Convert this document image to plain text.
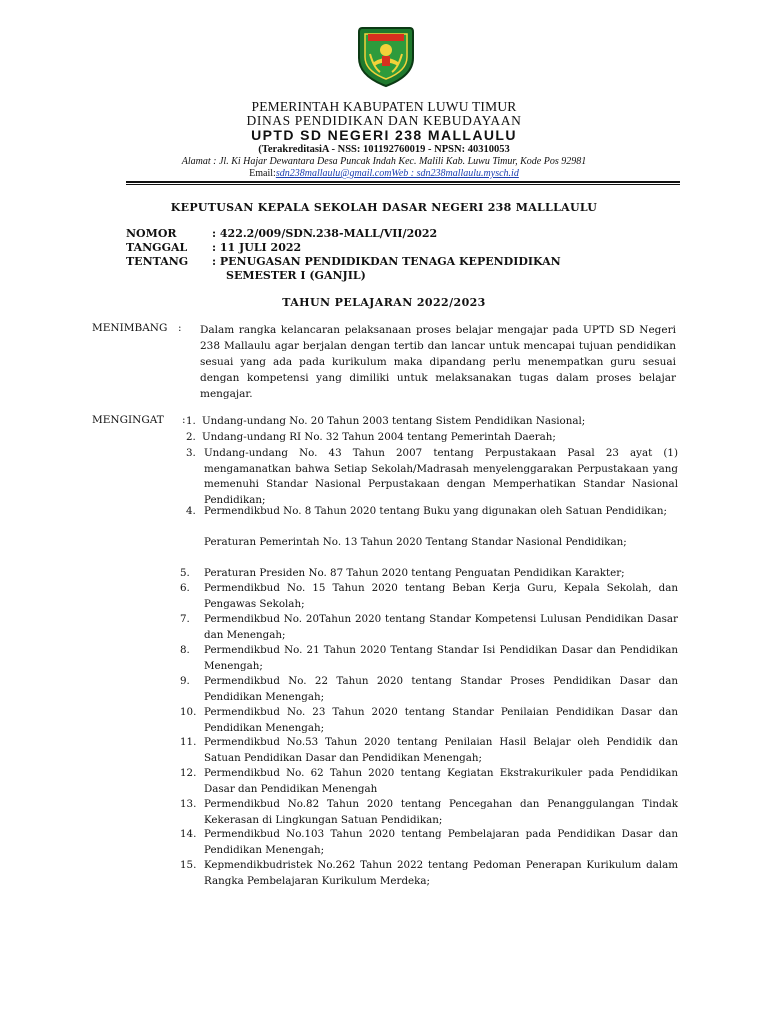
PEMERINTAH KABUPATEN LUWU TIMUR
DINAS PENDIDIKAN DAN KEBUDAYAAN
UPTD SD NEGERI 238 MALLAULU
(TerakreditasiA - NSS: 101192760019 - NPSN: 40310053
Alamat : Jl. Ki Hajar Dewantara Desa Puncak Indah Kec. Malili Kab. Luwu Timur, Kode Pos 92981
Email:sdn238mallaulu@gmail.comWeb : sdn238mallaulu.mysch.id
KEPUTUSAN KEPALA SEKOLAH DASAR NEGERI 238 MALLLAULU
NOMOR	: 422.2/009/SDN.238-MALL/VII/2022
TANGGAL : 11 JULI 2022
TENTANG : PENUGASAN PENDIDIKDAN TENAGA KEPENDIDIKAN
SEMESTER I (GANJIL)
TAHUN PELAJARAN 2022/2023
MENIMBANG : Dalam rangka kelancaran pelaksanaan proses belajar mengajar pada UPTD SD Negeri 238 Mallaulu agar berjalan dengan tertib dan lancar untuk mencapai tujuan pendidikan sesuai yang ada pada kurikulum maka dipandang perlu menempatkan guru sesuai dengan kompetensi yang dimiliki untuk melaksanakan tugas dalam proses belajar mengajar.
MENGINGAT : 1. Undang-undang No. 20 Tahun 2003 tentang Sistem Pendidikan Nasional;
2. Undang-undang RI No. 32 Tahun 2004 tentang Pemerintah Daerah;
3. Undang-undang No. 43 Tahun 2007 tentang Perpustakaan Pasal 23 ayat (1) mengamanatkan bahwa Setiap Sekolah/Madrasah menyelenggarakan Perpustakaan yang memenuhi Standar Nasional Perpustakaan dengan Memperhatikan Standar Nasional Pendidikan;
4. Permendikbud No. 8 Tahun 2020 tentang Buku yang digunakan oleh Satuan Pendidikan;
Peraturan Pemerintah No. 13 Tahun 2020 Tentang Standar Nasional Pendidikan;
5. Peraturan Presiden No. 87 Tahun 2020 tentang Penguatan Pendidikan Karakter;
6. Permendikbud No. 15 Tahun 2020 tentang Beban Kerja Guru, Kepala Sekolah, dan Pengawas Sekolah;
7. Permendikbud No. 20Tahun 2020 tentang Standar Kompetensi Lulusan Pendidikan Dasar dan Menengah;
8. Permendikbud No. 21 Tahun 2020 Tentang Standar Isi Pendidikan Dasar dan Pendidikan Menengah;
9. Permendikbud No. 22 Tahun 2020 tentang Standar Proses Pendidikan Dasar dan Pendidikan Menengah;
10. Permendikbud No. 23 Tahun 2020 tentang Standar Penilaian Pendidikan Dasar dan Pendidikan Menengah;
11. Permendikbud No.53 Tahun 2020 tentang Penilaian Hasil Belajar oleh Pendidik dan Satuan Pendidikan Dasar dan Pendidikan Menengah;
12. Permendikbud No. 62 Tahun 2020 tentang Kegiatan Ekstrakurikuler pada Pendidikan Dasar dan Pendidikan Menengah
13. Permendikbud No.82 Tahun 2020 tentang Pencegahan dan Penanggulangan Tindak Kekerasan di Lingkungan Satuan Pendidikan;
14. Permendikbud No.103 Tahun 2020 tentang Pembelajaran pada Pendidikan Dasar dan Pendidikan Menengah;
15. Kepmendikbudristek No.262 Tahun 2022 tentang Pedoman Penerapan Kurikulum dalam Rangka Pembelajaran Kurikulum Merdeka;
